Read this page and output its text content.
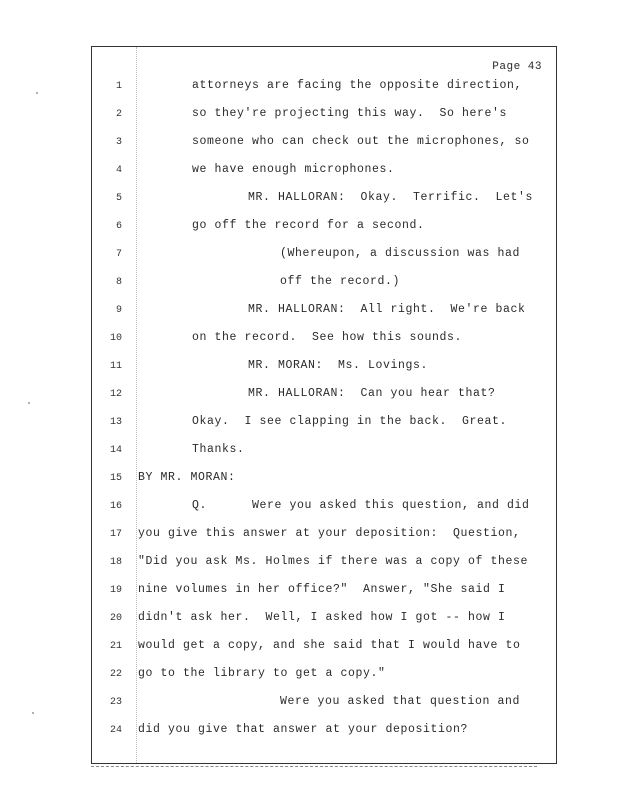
Page 43
1	attorneys are facing the opposite direction,
2	so they're projecting this way.  So here's
3	someone who can check out the microphones, so
4	we have enough microphones.
5	MR. HALLORAN:  Okay.  Terrific.  Let's
6	go off the record for a second.
7	(Whereupon, a discussion was had
8	off the record.)
9	MR. HALLORAN:  All right.  We're back
10	on the record.  See how this sounds.
11	MR. MORAN:  Ms. Lovings.
12	MR. HALLORAN:  Can you hear that?
13	Okay.  I see clapping in the back.  Great.
14	Thanks.
15 BY MR. MORAN:
16	Q.      Were you asked this question, and did
17 you give this answer at your deposition:  Question,
18 "Did you ask Ms. Holmes if there was a copy of these
19 nine volumes in her office?"  Answer, "She said I
20 didn't ask her.  Well, I asked how I got -- how I
21 would get a copy, and she said that I would have to
22 go to the library to get a copy."
23	Were you asked that question and
24 did you give that answer at your deposition?
